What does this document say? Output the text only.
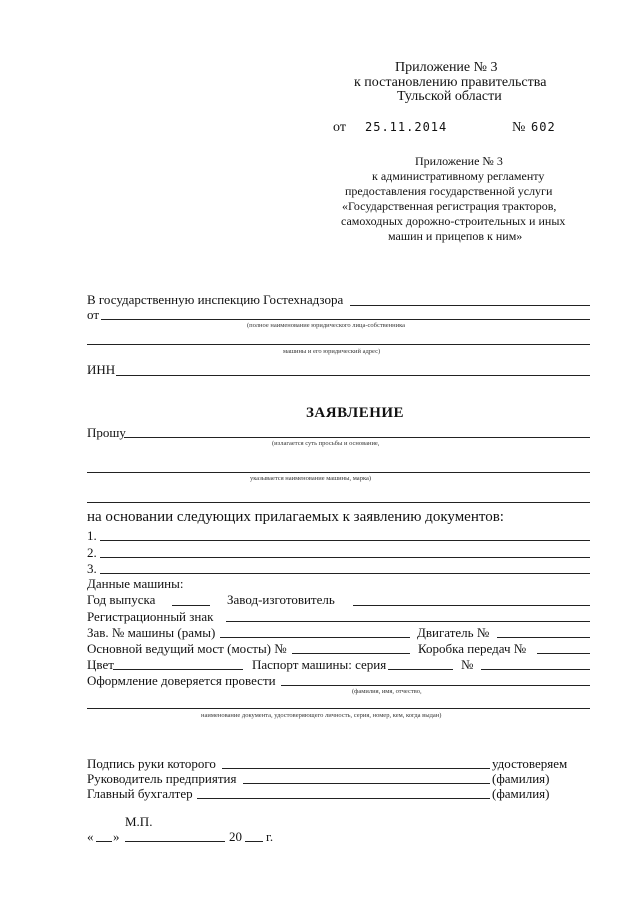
Приложение № 3
к постановлению правительства
Тульской области
от 25.11.2014	№ 602
Приложение № 3
к административному регламенту
предоставления государственной услуги
«Государственная регистрация тракторов,
самоходных дорожно-строительных и иных
машин и прицепов к ним»
В государственную инспекцию Гостехнадзора
от
(полное наименование юридического лица-собственника
машины и его юридический адрес)
ИНН
ЗАЯВЛЕНИЕ
Прошу
(излагается суть просьбы и основание,
указывается наименование машины, марка)
на основании следующих прилагаемых к заявлению документов:
1.
2.
3.
Данные машины:
Год выпуска	Завод-изготовитель
Регистрационный знак
Зав. № машины (рамы)	Двигатель №
Основной ведущий мост (мосты) №	Коробка передач №
Цвет	Паспорт машины: серия	№
Оформление доверяется провести
(фамилия, имя, отчество,
наименование документа, удостоверяющего личность, серия, номер, кем, когда выдан)
Подпись руки которого	удостоверяем
Руководитель предприятия	(фамилия)
Главный бухгалтер	(фамилия)
М.П.
« »	20 г.
